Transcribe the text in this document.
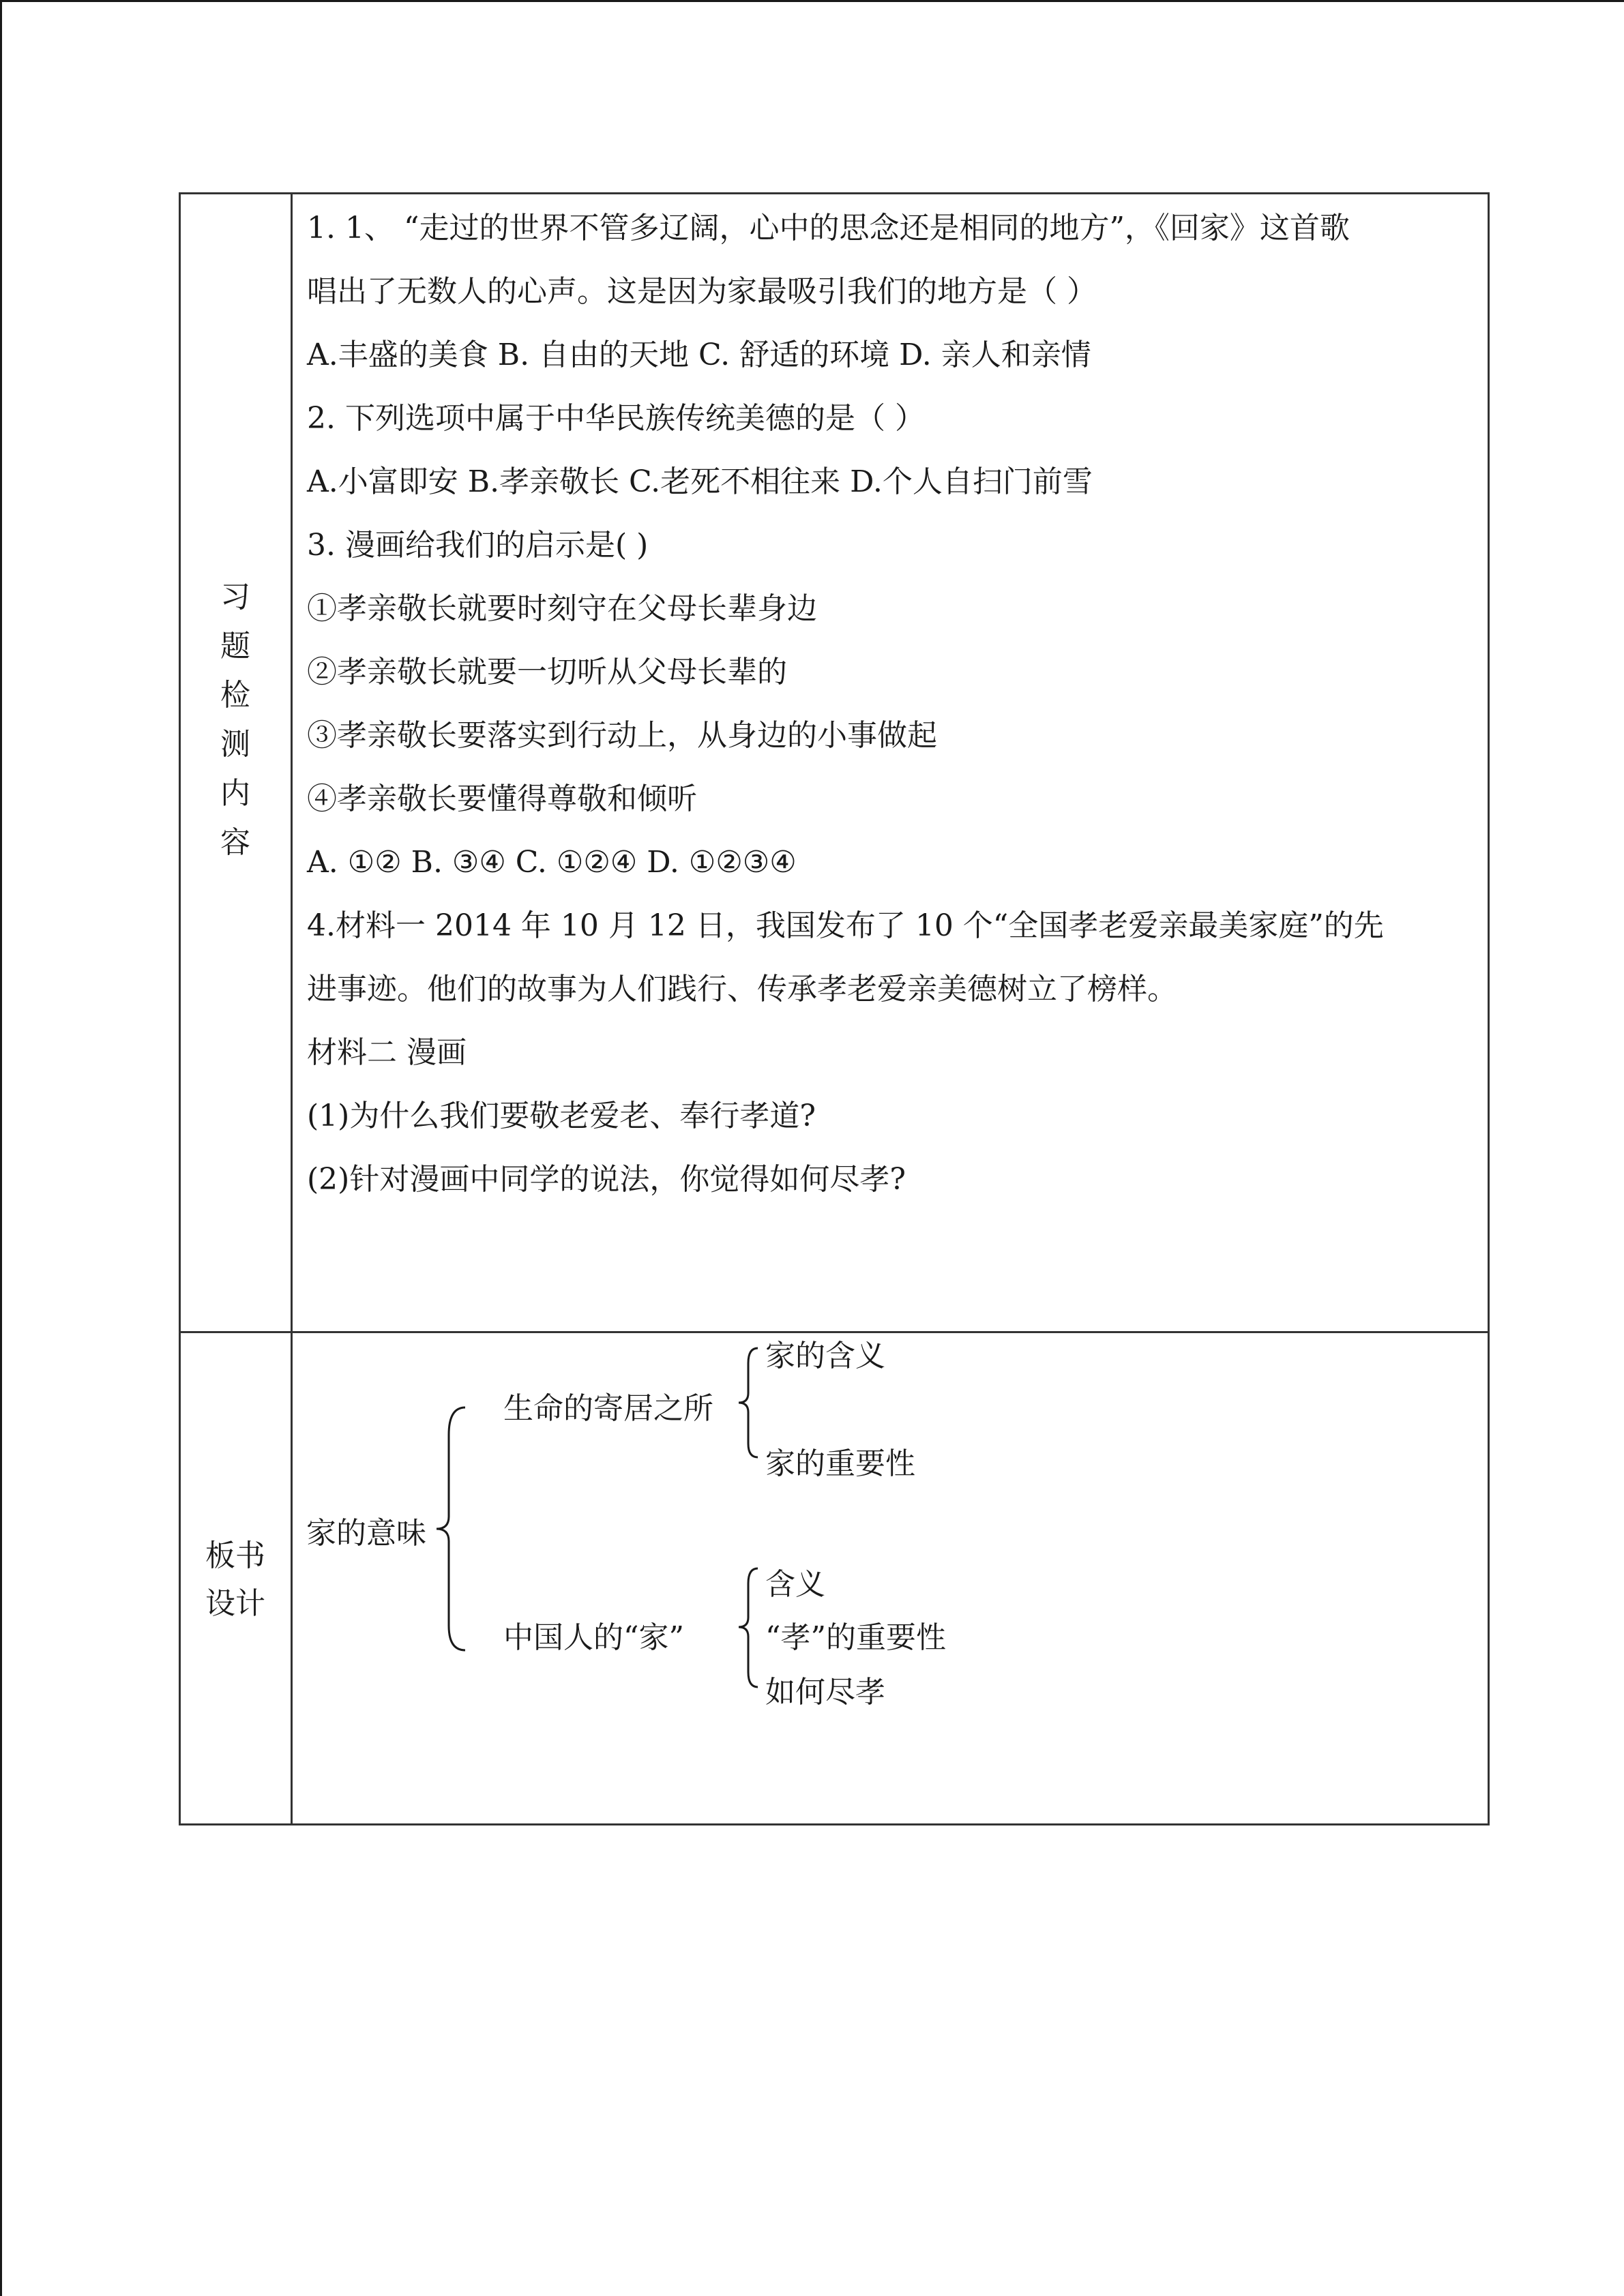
习
题
检
测
内
容
1. 1、 “走过的世界不管多辽阔，心中的思念还是相同的地方”，《回家》这首歌
唱出了无数人的心声。这是因为家最吸引我们的地方是（ ）
A.丰盛的美食 B. 自由的天地 C. 舒适的环境 D. 亲人和亲情
2. 下列选项中属于中华民族传统美德的是（ ）
A.小富即安 B.孝亲敬长 C.老死不相往来 D.个人自扫门前雪
3. 漫画给我们的启示是( )
①孝亲敬长就要时刻守在父母长辈身边
②孝亲敬长就要一切听从父母长辈的
③孝亲敬长要落实到行动上，从身边的小事做起
④孝亲敬长要懂得尊敬和倾听
A. ①② B. ③④ C. ①②④ D. ①②③④
4.材料一 2014 年 10 月 12 日，我国发布了 10 个“全国孝老爱亲最美家庭”的先
进事迹。他们的故事为人们践行、传承孝老爱亲美德树立了榜样。
材料二 漫画
(1)为什么我们要敬老爱老、奉行孝道?
(2)针对漫画中同学的说法，你觉得如何尽孝?
板书
设计
家的意味
生命的寄居之所
家的含义
家的重要性
中国人的“家”
含义
“孝”的重要性
如何尽孝
